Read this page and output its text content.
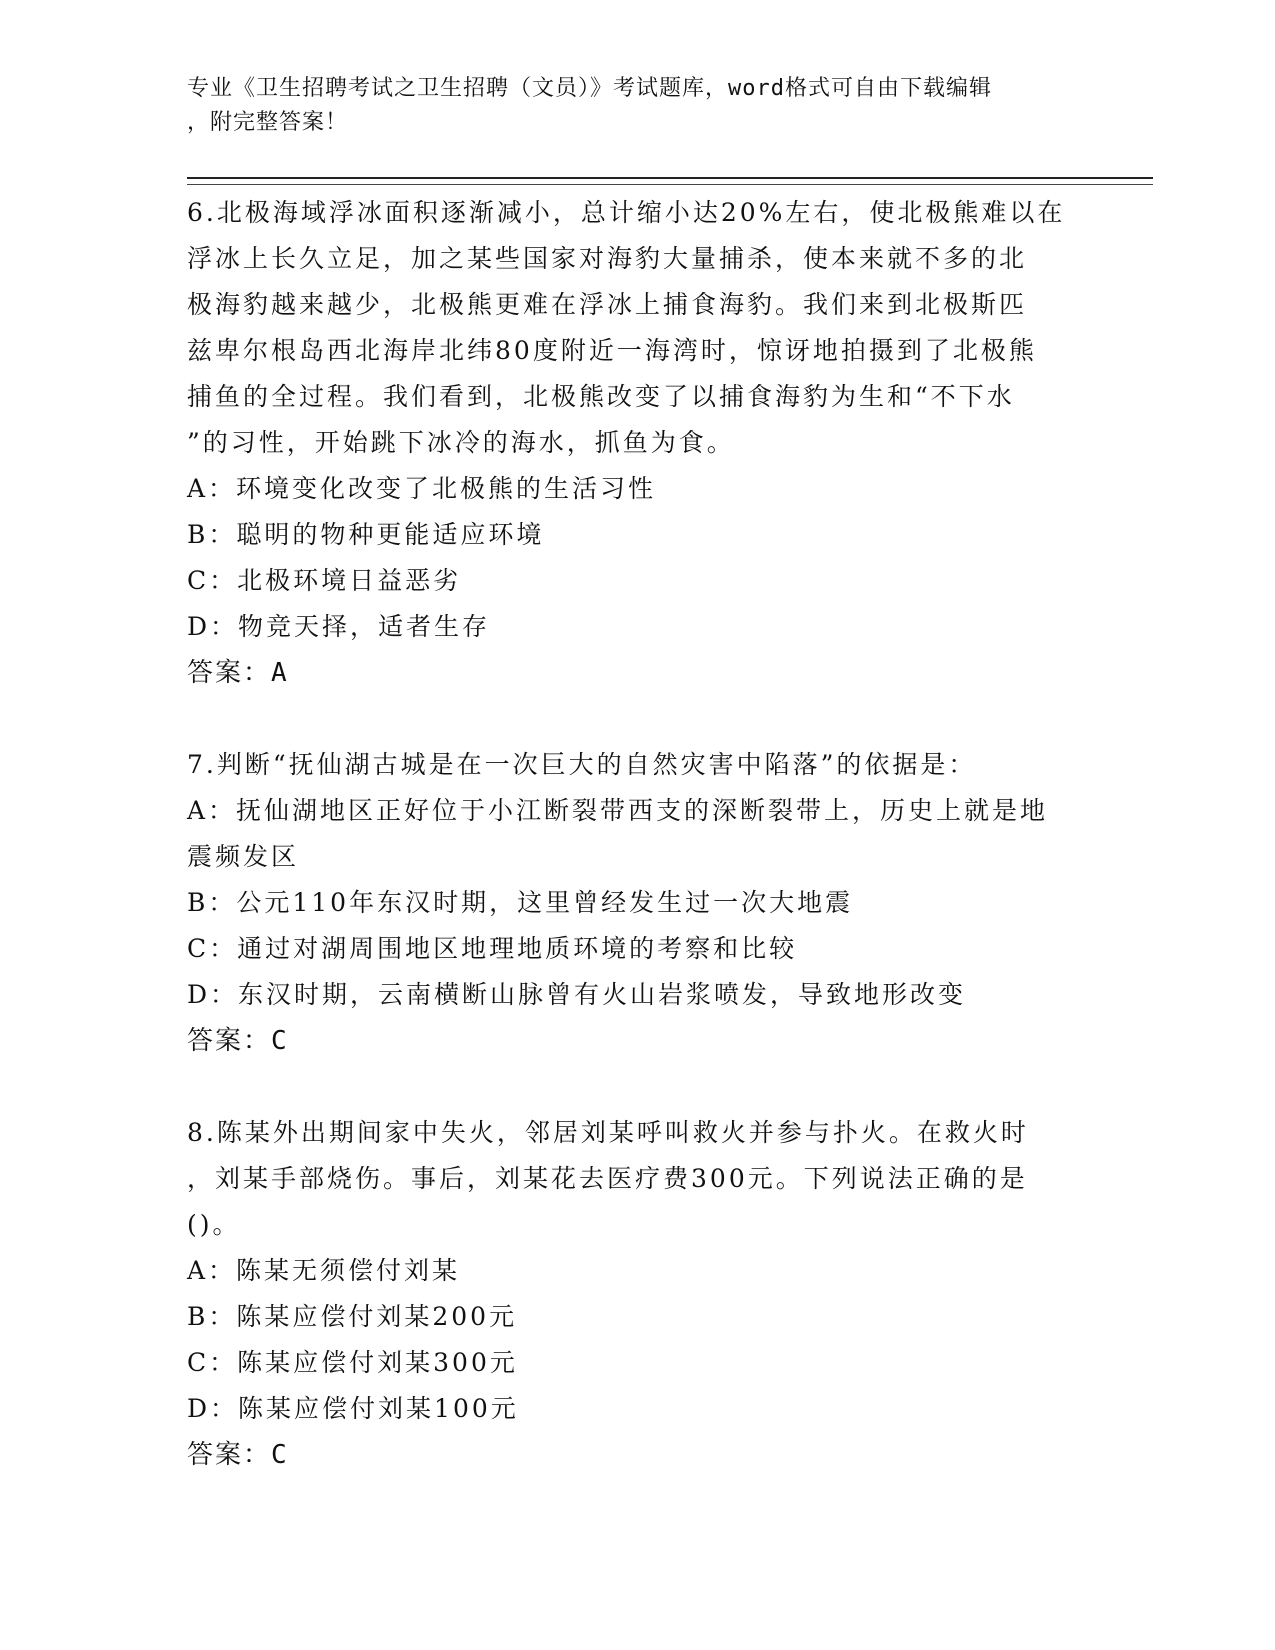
专业《卫生招聘考试之卫生招聘（文员）》考试题库，word格式可自由下载编辑
，附完整答案！
6.北极海域浮冰面积逐渐减小，总计缩小达20%左右，使北极熊难以在
浮冰上长久立足，加之某些国家对海豹大量捕杀，使本来就不多的北
极海豹越来越少，北极熊更难在浮冰上捕食海豹。我们来到北极斯匹
兹卑尔根岛西北海岸北纬80度附近一海湾时，惊讶地拍摄到了北极熊
捕鱼的全过程。我们看到，北极熊改变了以捕食海豹为生和“不下水
”的习性，开始跳下冰冷的海水，抓鱼为食。
A：环境变化改变了北极熊的生活习性
B：聪明的物种更能适应环境
C：北极环境日益恶劣
D：物竞天择，适者生存
答案：A
7.判断“抚仙湖古城是在一次巨大的自然灾害中陷落”的依据是：
A：抚仙湖地区正好位于小江断裂带西支的深断裂带上，历史上就是地
震频发区
B：公元110年东汉时期，这里曾经发生过一次大地震
C：通过对湖周围地区地理地质环境的考察和比较
D：东汉时期，云南横断山脉曾有火山岩浆喷发，导致地形改变
答案：C
8.陈某外出期间家中失火，邻居刘某呼叫救火并参与扑火。在救火时
，刘某手部烧伤。事后，刘某花去医疗费300元。下列说法正确的是
()。
A：陈某无须偿付刘某
B：陈某应偿付刘某200元
C：陈某应偿付刘某300元
D：陈某应偿付刘某100元
答案：C
